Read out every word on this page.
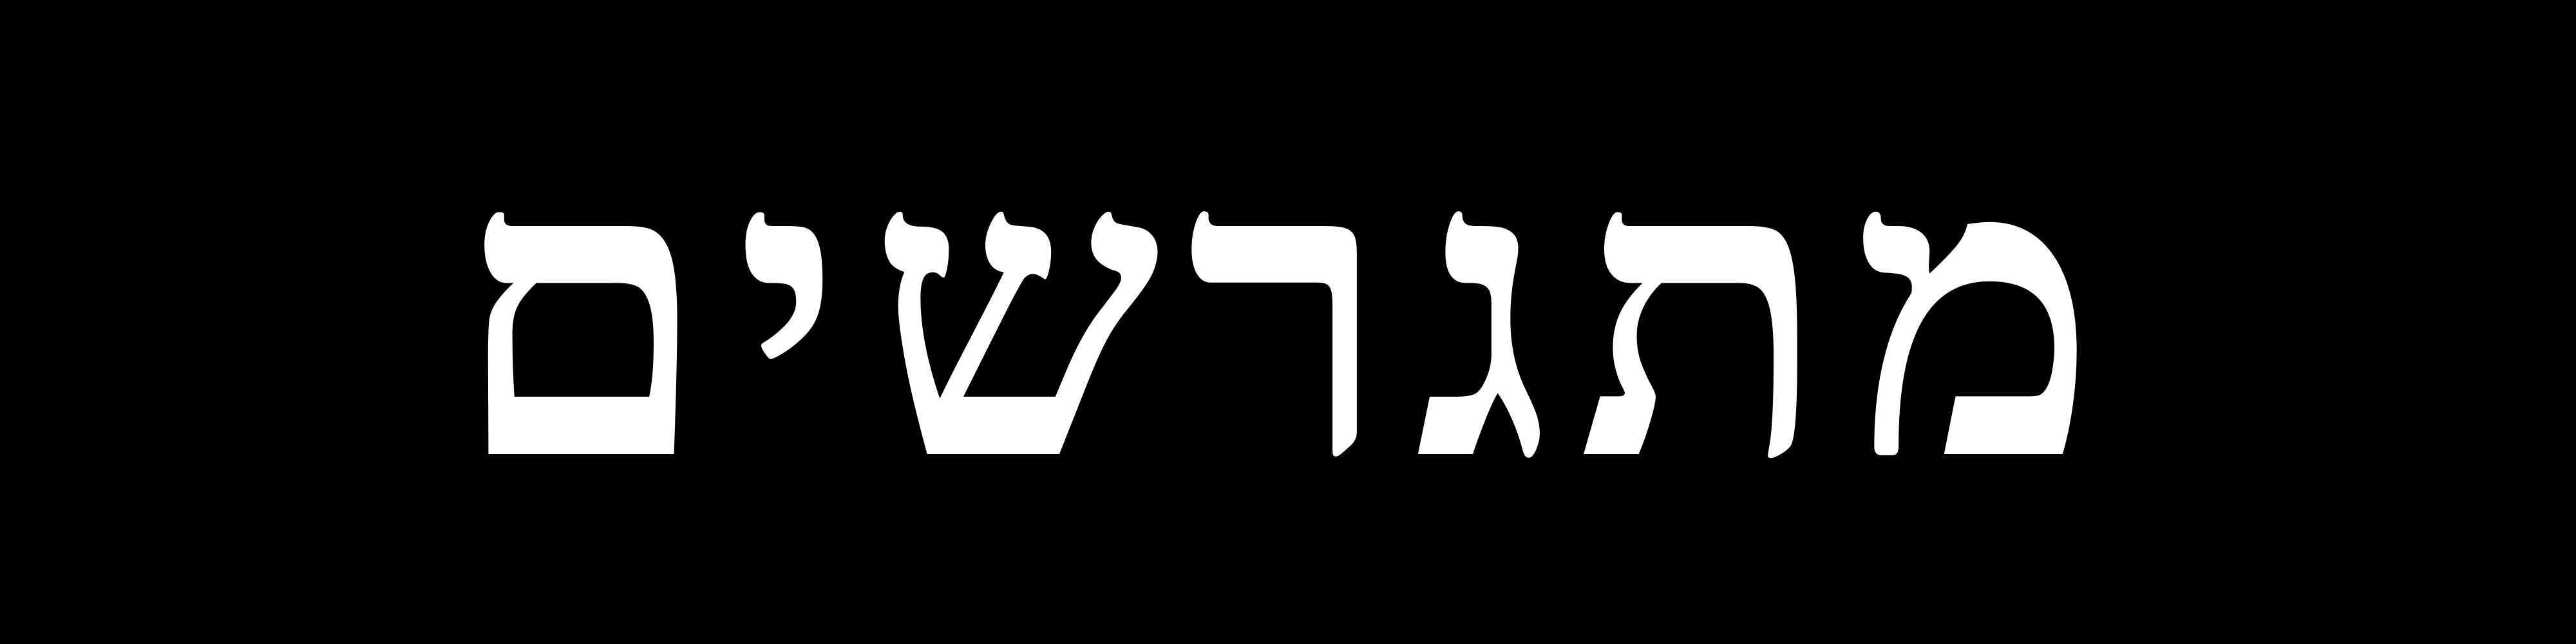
מתגרשים
